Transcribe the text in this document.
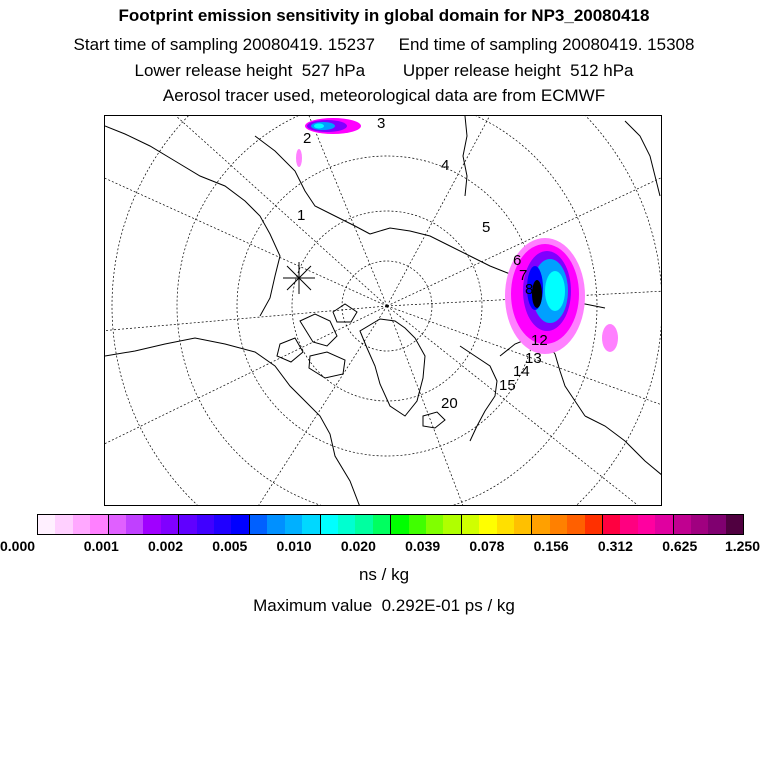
Footprint emission sensitivity in global domain for NP3_20080418
Start time of sampling 20080419. 15237     End time of sampling 20080419. 15308
Lower release height  527 hPa        Upper release height  512 hPa
Aerosol tracer used, meteorological data are from ECMWF
1
2
3
4
5
6
7
8
12
13
14
15
20
0.000	0.001 0.002 0.005 0.010 0.020 0.039 0.078 0.156 0.312 0.625 1.250
ns / kg
Maximum value  0.292E-01 ps / kg
